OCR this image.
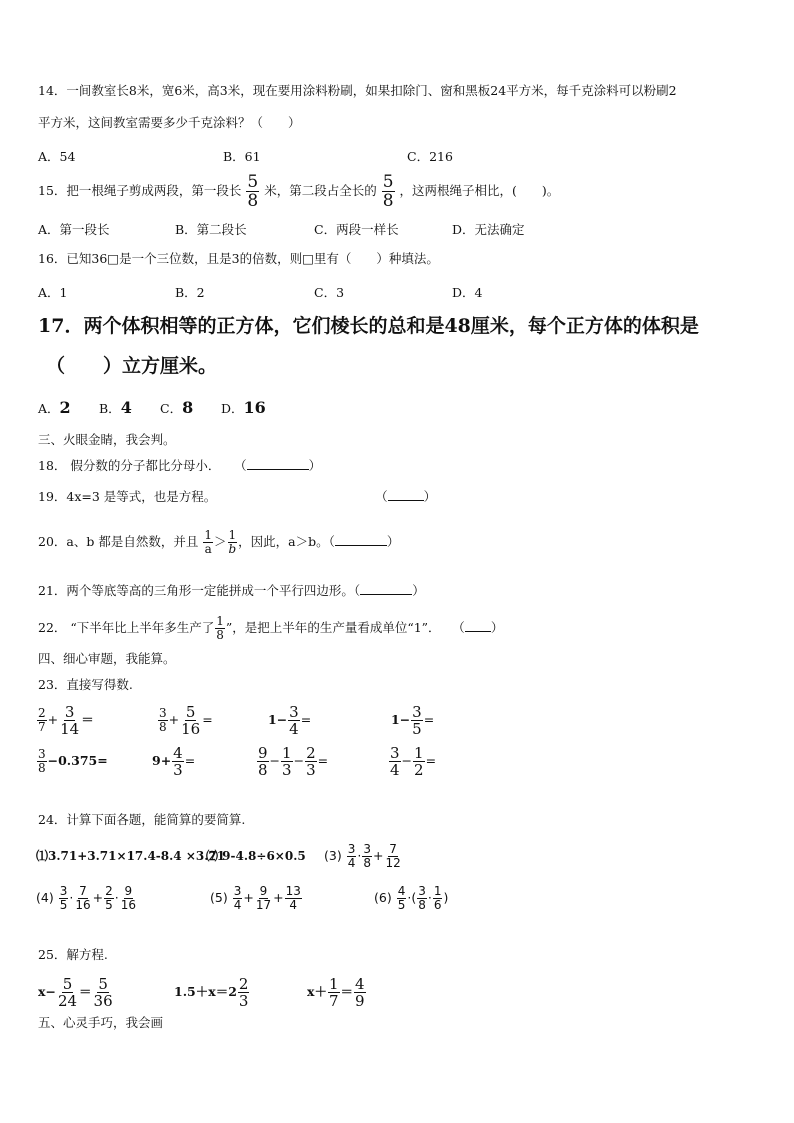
14．一间教室长8米，宽6米，高3米，现在要用涂料粉刷，如果扣除门、窗和黑板24平方米，每千克涂料可以粉刷2
平方米，这间教室需要多少千克涂料？（　　）
A．54	B．61	C．216
15．把一根绳子剪成两段，第一段长 $\frac{5}{8}$ 米，第二段占全长的 $\frac{5}{8}$ ，这两根绳子相比，(　　)。
A．第一段长	B．第二段长	C．两段一样长	D．无法确定
16．已知36□是一个三位数，且是3的倍数，则□里有（　　）种填法。
A．1	B．2	C．3	D．4
17．两个体积相等的正方体，它们棱长的总和是48厘米，每个正方体的体积是
（　　）立方厘米。
A．2 B．4 C．8 D．16
三、火眼金睛，我会判。
18． 假分数的分子都比分母小． （	）
19．4x=3 是等式，也是方程。	（	）
20．a、b 都是自然数，并且 $\frac{1}{a} > \frac{1}{b}$ ，因此，a＞b。（	）
21．两个等底等高的三角形一定能拼成一个平行四边形。（	）
22． “下半年比上半年多生产了 $\frac{1}{8}$ ”，是把上半年的生产量看成单位“1”． （ ）
四、细心审题，我能算。
23．直接写得数.
$\frac{2}{7} + \frac{3}{14}$ ＝	$\frac{3}{8} + \frac{5}{16}$ =	$1- \frac{3}{4}$ =	$1- \frac{3}{5}$ =
$\frac{3}{8} -0.375=$	$9+ \frac{4}{3}$ =	$\frac{9}{8} - \frac{1}{3} - \frac{2}{3}$ =	$\frac{3}{4} - \frac{1}{2}$ =
24．计算下面各题，能简算的要简算.
⑴3.71+3.71×17.4-8.4 ×3.71
⑵ 9-4.8÷6×0.5 $(3) \frac{3}{4} \cdot \frac{3}{8} + \frac{7}{12}$
$(4) \frac{3}{5} \cdot \frac{7}{16} + \frac{2}{5} \cdot \frac{9}{16}$	$(5) \frac{3}{4} + \frac{9}{17} + \frac{13}{4}$	$(6) \frac{4}{5}$ ·( $\frac{3}{8} \cdot \frac{1}{6}$ )
25．解方程.
$x- \frac{5}{24} = \frac{5}{36}$	$1.5+x=2 \frac{2}{3}$	$x+ \frac{1}{7} = \frac{4}{9}$
五、心灵手巧，我会画
